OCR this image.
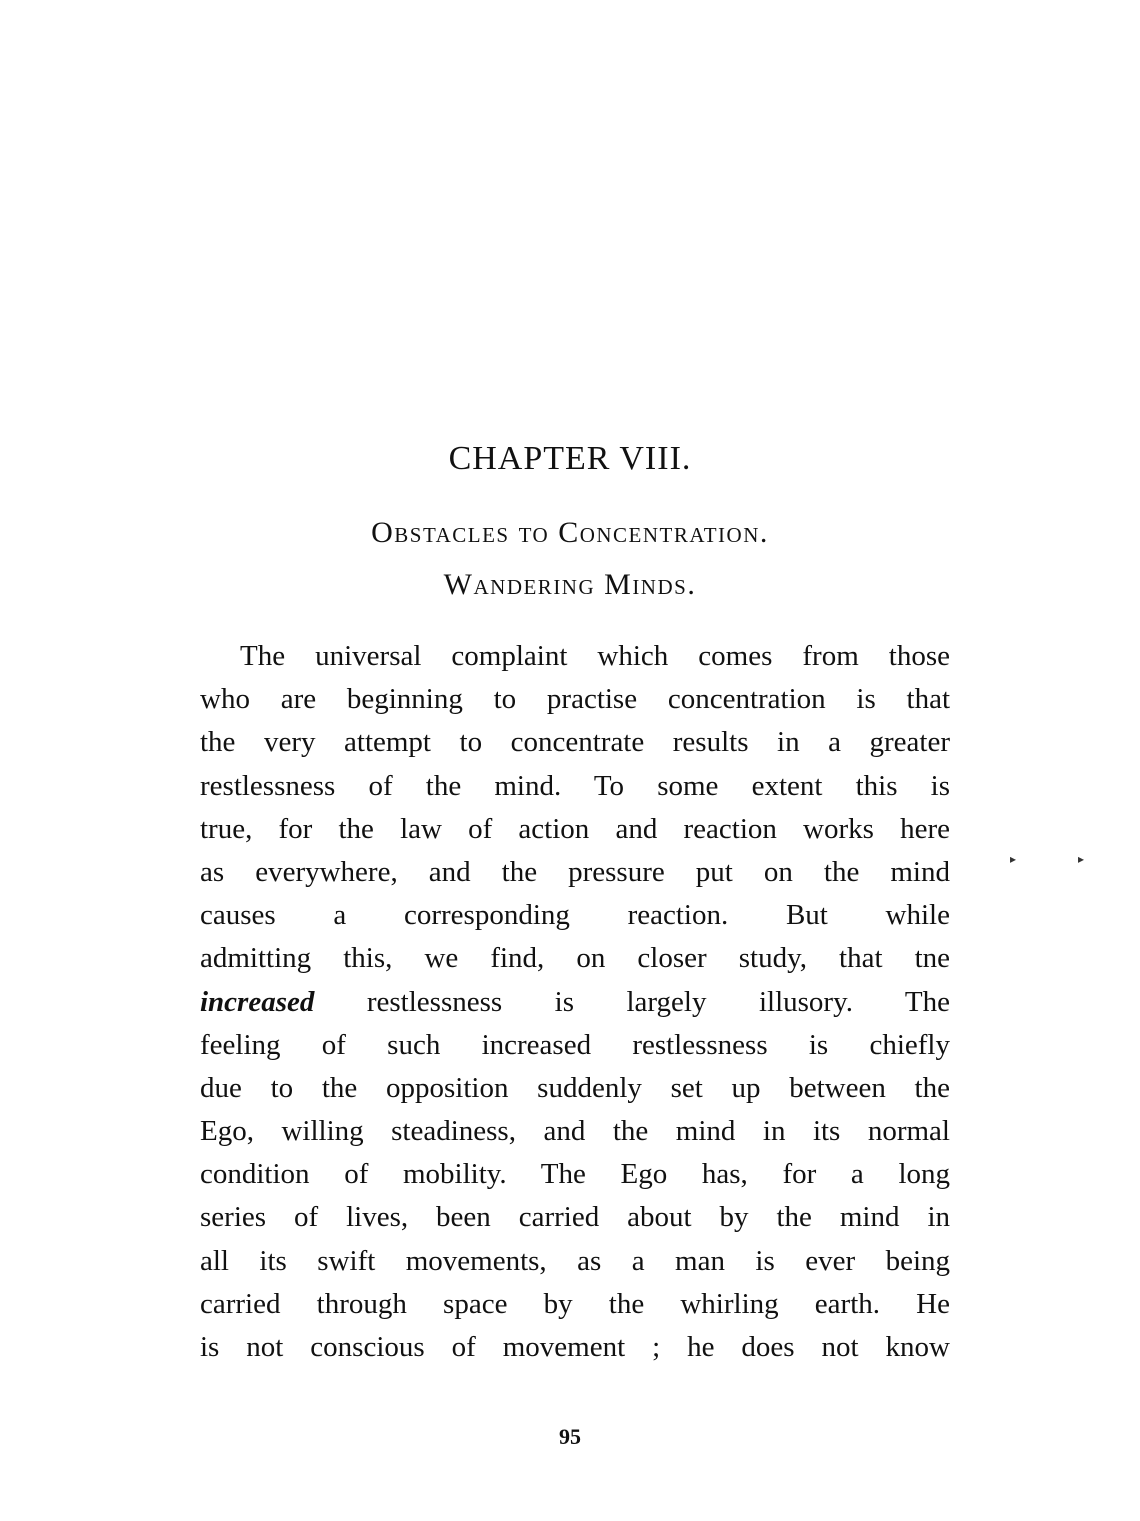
CHAPTER VIII.
Obstacles to Concentration.
Wandering Minds.
The universal complaint which comes from those
who are beginning to practise concentration is that
the very attempt to concentrate results in a greater
restlessness of the mind. To some extent this is
true, for the law of action and reaction works here
as everywhere, and the pressure put on the mind
causes a corresponding reaction. But while
admitting this, we find, on closer study, that tne
increased restlessness is largely illusory. The
feeling of such increased restlessness is chiefly
due to the opposition suddenly set up between the
Ego, willing steadiness, and the mind in its normal
condition of mobility. The Ego has, for a long
series of lives, been carried about by the mind in
all its swift movements, as a man is ever being
carried through space by the whirling earth. He
is not conscious of movement ; he does not know
▸	▸
95
